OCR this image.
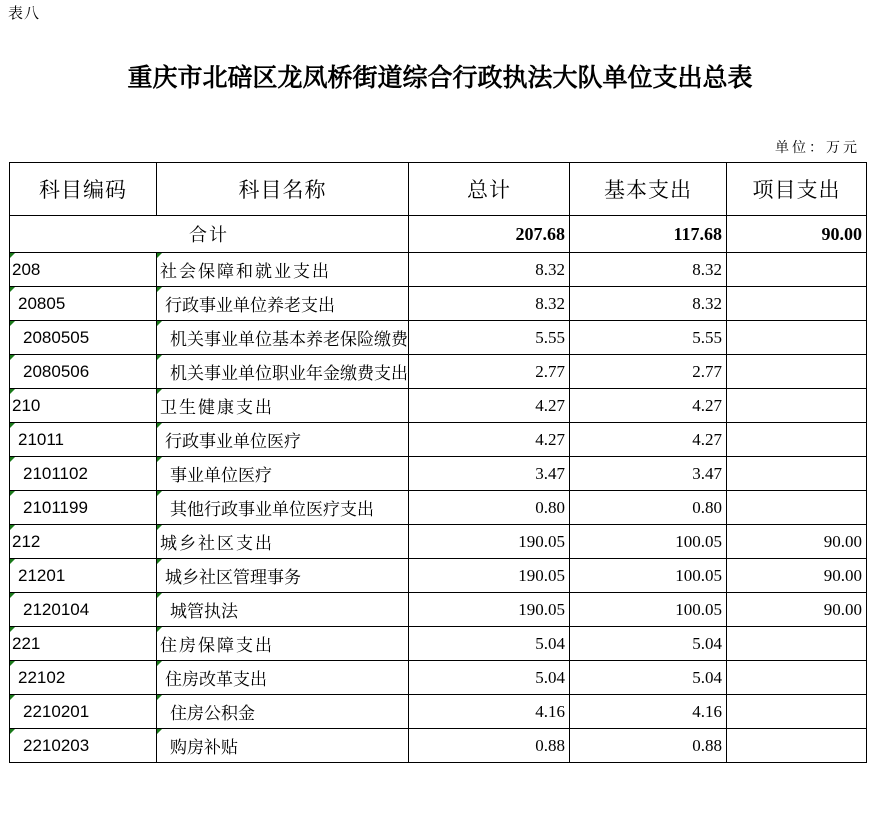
表八
重庆市北碚区龙凤桥街道综合行政执法大队单位支出总表
单位：万元
科目编码	科目名称	总计	基本支出	项目支出
合计		207.68	117.68	90.00
208	社会保障和就业支出	8.32	8.32	
20805	行政事业单位养老支出	8.32	8.32	
2080505	机关事业单位基本养老保险缴费	5.55	5.55	
2080506	机关事业单位职业年金缴费支出	2.77	2.77	
210	卫生健康支出	4.27	4.27	
21011	行政事业单位医疗	4.27	4.27	
2101102	事业单位医疗	3.47	3.47	
2101199	其他行政事业单位医疗支出	0.80	0.80	
212	城乡社区支出	190.05	100.05	90.00
21201	城乡社区管理事务	190.05	100.05	90.00
2120104	城管执法	190.05	100.05	90.00
221	住房保障支出	5.04	5.04	
22102	住房改革支出	5.04	5.04	
2210201	住房公积金	4.16	4.16	
2210203	购房补贴	0.88	0.88	
